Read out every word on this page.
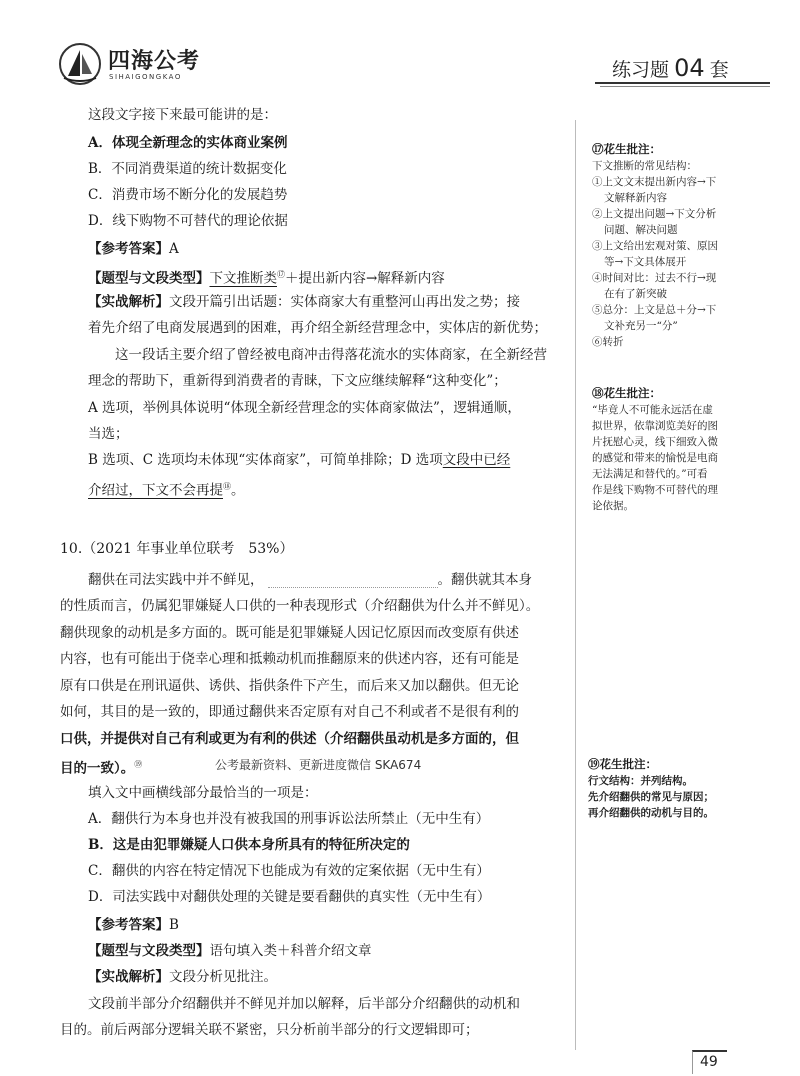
四海公考
SIHAIGONGKAO	练习题 04 套
这段文字接下来最可能讲的是：
A．体现全新理念的实体商业案例
B．不同消费渠道的统计数据变化
C．消费市场不断分化的发展趋势
D．线下购物不可替代的理论依据
【参考答案】A
【题型与文段类型】下文推断类⑰＋提出新内容→解释新内容
【实战解析】文段开篇引出话题：实体商家大有重整河山再出发之势；接
着先介绍了电商发展遇到的困难，再介绍全新经营理念中，实体店的新优势；
这一段话主要介绍了曾经被电商冲击得落花流水的实体商家，在全新经营
理念的帮助下，重新得到消费者的青睐，下文应继续解释“这种变化”；
A 选项，举例具体说明“体现全新经营理念的实体商家做法”，逻辑通顺，
当选；
B 选项、C 选项均未体现“实体商家”，可简单排除；D 选项文段中已经
介绍过，下文不会再提⑱。
10.（2021 年事业单位联考　53%）
翻供在司法实践中并不鲜见，	。翻供就其本身
的性质而言，仍属犯罪嫌疑人口供的一种表现形式（介绍翻供为什么并不鲜见）。
翻供现象的动机是多方面的。既可能是犯罪嫌疑人因记忆原因而改变原有供述
内容，也有可能出于侥幸心理和抵赖动机而推翻原来的供述内容，还有可能是
原有口供是在刑讯逼供、诱供、指供条件下产生，而后来又加以翻供。但无论
如何，其目的是一致的，即通过翻供来否定原有对自己不利或者不是很有利的
口供，并提供对自己有利或更为有利的供述（介绍翻供虽动机是多方面的，但
目的一致）。⑲	公考最新资料、更新进度微信 SKA674
填入文中画横线部分最恰当的一项是：
A．翻供行为本身也并没有被我国的刑事诉讼法所禁止（无中生有）
B．这是由犯罪嫌疑人口供本身所具有的特征所决定的
C．翻供的内容在特定情况下也能成为有效的定案依据（无中生有）
D．司法实践中对翻供处理的关键是要看翻供的真实性（无中生有）
【参考答案】B
【题型与文段类型】语句填入类＋科普介绍文章
【实战解析】文段分析见批注。
文段前半部分介绍翻供并不鲜见并加以解释，后半部分介绍翻供的动机和
目的。前后两部分逻辑关联不紧密，只分析前半部分的行文逻辑即可；
⑰花生批注：
下文推断的常见结构：
①上文文末提出新内容→下
文解释新内容
②上文提出问题→下文分析
问题、解决问题
③上文给出宏观对策、原因
等→下文具体展开
④时间对比：过去不行→现
在有了新突破
⑤总分：上文是总＋分→下
文补充另一“分”
⑥转折
⑱花生批注：
“毕竟人不可能永远活在虚
拟世界，依靠浏览美好的图
片抚慰心灵，线下细致入微
的感觉和带来的愉悦是电商
无法满足和替代的。”可看
作是线下购物不可替代的理
论依据。
⑲花生批注：
行文结构：并列结构。
先介绍翻供的常见与原因；
再介绍翻供的动机与目的。
49
